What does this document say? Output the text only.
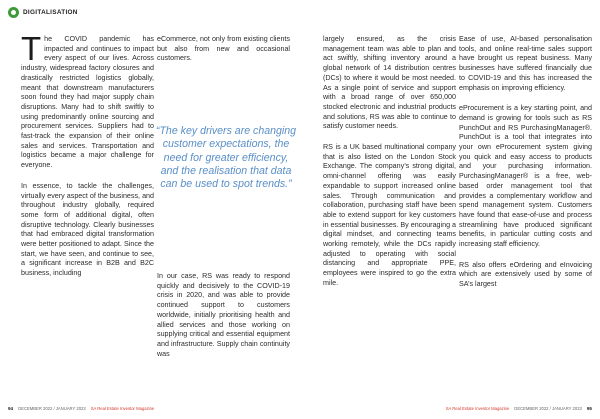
DIGITALISATION

The COVID pandemic has impacted and continues to impact every aspect of our lives. Across industry, widespread factory closures and drastically restricted logistics globally, meant that downstream manufacturers soon found they had major supply chain disruptions. Many had to shift swiftly to using predominantly online sourcing and procurement services. Suppliers had to fast-track the expansion of their online sales and services. Transportation and logistics became a major challenge for everyone.

In essence, to tackle the challenges, virtually every aspect of the business, and throughout industry globally, required some form of additional digital, often disruptive technology. Clearly businesses that had embraced digital transformation were better positioned to adapt. Since the start, we have seen, and continue to see, a significant increase in B2B and B2C business, including

eCommerce, not only from existing clients but also from new and occasional customers.

“The key drivers are changing customer expectations, the need for greater efficiency, and the realisation that data can be used to spot trends.”

In our case, RS was ready to respond quickly and decisively to the COVID-19 crisis in 2020, and was able to provide continued support to customers worldwide, initially prioritising health and allied services and those working on supplying critical and essential equipment and infrastructure. Supply chain continuity was

largely ensured, as the crisis management team was able to plan and act swiftly, shifting inventory around a global network of 14 distribution centres (DCs) to where it would be most needed. As a single point of service and support with a broad range of over 650,000 stocked electronic and industrial products and solutions, RS was able to continue to satisfy customer needs.

RS is a UK based multinational company that is also listed on the London Stock Exchange. The company’s strong digital, omni-channel offering was easily expandable to support increased online sales. Through communication and collaboration, purchasing staff have been able to extend support for key customers in essential businesses. By encouraging a digital mindset, and connecting teams working remotely, while the DCs rapidly adjusted to operating with social distancing and appropriate PPE, employees were inspired to go the extra mile.

Ease of use, AI-based personalisation tools, and online real-time sales support have brought us repeat business. Many businesses have suffered financially due to COVID-19 and this has increased the emphasis on improving efficiency.

eProcurement is a key starting point, and demand is growing for tools such as RS PunchOut and RS PurchasingManager®. PunchOut is a tool that integrates into your own eProcurement system giving you quick and easy access to products and your purchasing information. PurchasingManager® is a free, web-based order management tool that provides a complementary workflow and spend management system. Customers have found that ease-of-use and process streamlining have produced significant benefits, in particular cutting costs and increasing staff efficiency.

RS also offers eOrdering and eInvoicing which are extensively used by some of SA’s largest

94 DECEMBER 2022 / JANUARY 2023 SA Real Estate Investor Magazine	SA Real Estate Investor Magazine DECEMBER 2022 / JANUARY 2023 95
